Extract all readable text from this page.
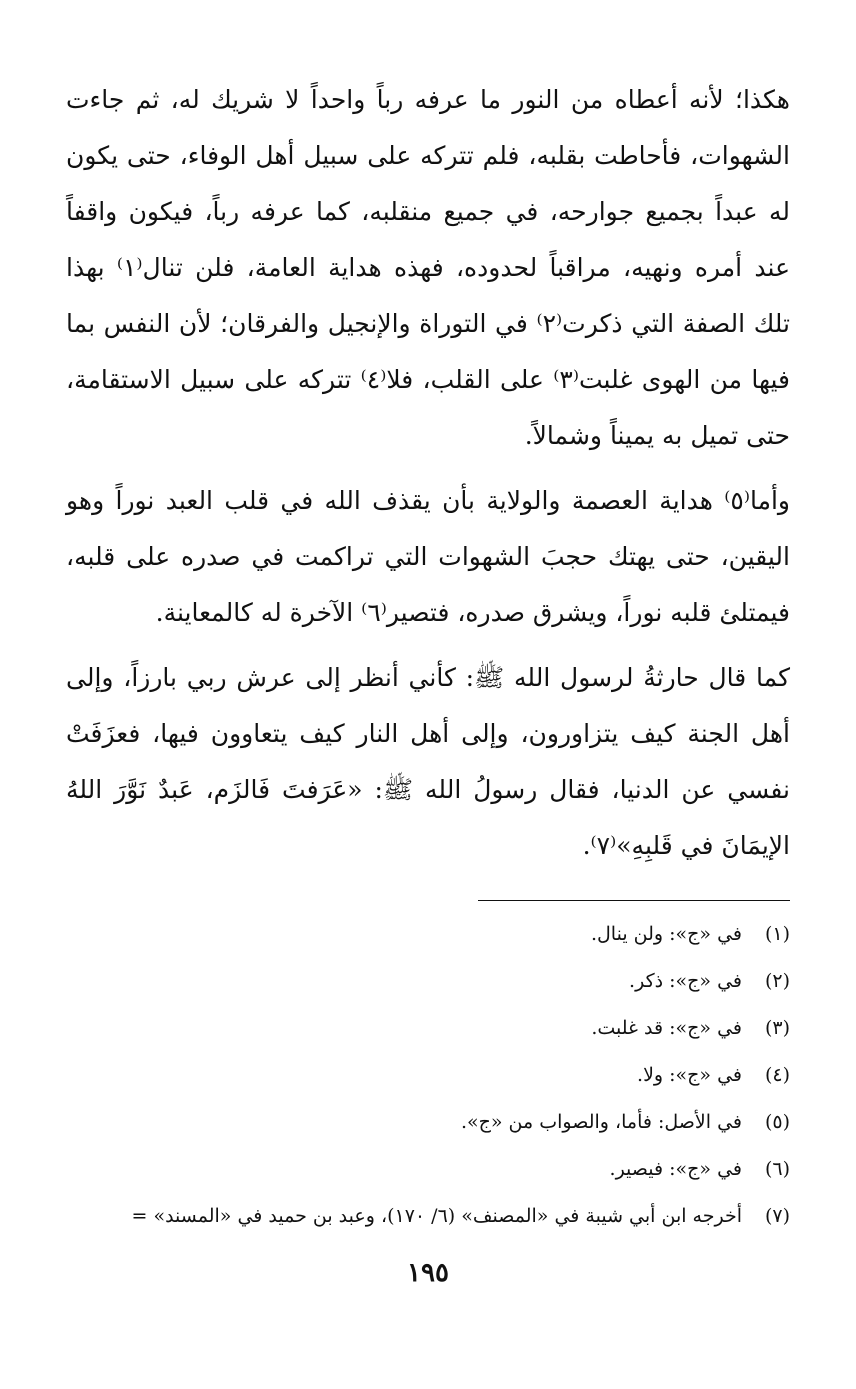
هكذا؛ لأنه أعطاه من النور ما عرفه رباً واحداً لا شريك له، ثم جاءت الشهوات، فأحاطت بقلبه، فلم تتركه على سبيل أهل الوفاء، حتى يكون له عبداً بجميع جوارحه، في جميع منقلبه، كما عرفه رباً، فيكون واقفاً عند أمره ونهيه، مراقباً لحدوده، فهذه هداية العامة، فلن تنال⁽١⁾ بهذا تلك الصفة التي ذكرت⁽٢⁾ في التوراة والإنجيل والفرقان؛ لأن النفس بما فيها من الهوى غلبت⁽٣⁾ على القلب، فلا⁽٤⁾ تتركه على سبيل الاستقامة، حتى تميل به يميناً وشمالاً.

وأما⁽٥⁾ هداية العصمة والولاية بأن يقذف الله في قلب العبد نوراً وهو اليقين، حتى يهتك حجبَ الشهوات التي تراكمت في صدره على قلبه، فيمتلئ قلبه نوراً، ويشرق صدره، فتصير⁽٦⁾ الآخرة له كالمعاينة.

كما قال حارثةُ لرسول الله ﷺ: كأني أنظر إلى عرش ربي بارزاً، وإلى أهل الجنة كيف يتزاورون، وإلى أهل النار كيف يتعاوون فيها، فعزَفَتْ نفسي عن الدنيا، فقال رسولُ الله ﷺ: «عَرَفتَ فَالزَم، عَبدٌ نَوَّرَ اللهُ الإيمَانَ في قَلبِهِ»⁽٧⁾.

(١)
في «ج»: ولن ينال.
(٢)
في «ج»: ذكر.
(٣)
في «ج»: قد غلبت.
(٤)
في «ج»: ولا.
(٥)
في الأصل: فأما، والصواب من «ج».
(٦)
في «ج»: فيصير.
(٧)
أخرجه ابن أبي شيبة في «المصنف» (٦/ ١٧٠)، وعبد بن حميد في «المسند» =
١٩٥
